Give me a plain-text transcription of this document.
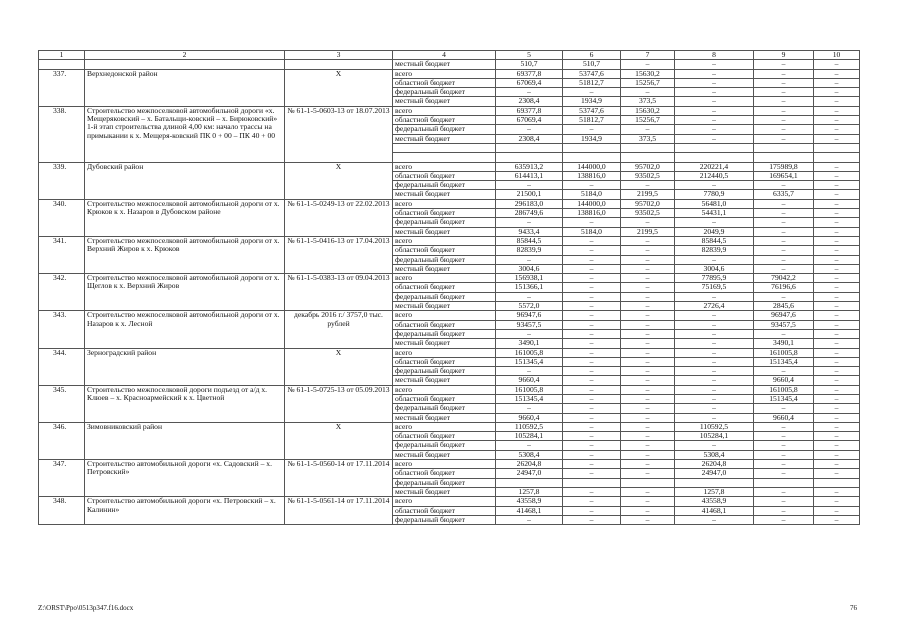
1	2	3	4	5	6	7	8	9	10
			местный бюджет	510,7	510,7	–	–	–	–
337.	Верхнедонской район	Х	всего	69377,8	53747,6	15630,2	–	–	–
			областной бюджет	67069,4	51812,7	15256,7	–	–	–
			федеральный бюджет	–	–	–	–	–	–
			местный бюджет	2308,4	1934,9	373,5	–	–	–
338.	Строительство межпоселковой автомобильной дороги «х. Мещеряковский – х. Батальщи-ковский – х. Бирюковский» 1-й этап строительства длиной 4,00 км: начало трассы на примыкании к х. Мещеря-ковский ПК 0 + 00 – ПК 40 + 00	№ 61-1-5-0603-13 от 18.07.2013	всего	69377,8	53747,6	15630,2	–	–	–
			областной бюджет	67069,4	51812,7	15256,7	–	–	–
			федеральный бюджет	–	–	–	–	–	–
			местный бюджет	2308,4	1934,9	373,5	–	–	–

339.	Дубовский район	Х	всего	635913,2	144000,0	95702,0	220221,4	175989,8	–
			областной бюджет	614413,1	138816,0	93502,5	212440,5	169654,1	–
			федеральный бюджет	–	–	–	–	–	–
			местный бюджет	21500,1	5184,0	2199,5	7780,9	6335,7	–
340.	Строительство межпоселковой автомобильной дороги от х. Крюков к х. Назаров в Дубовском районе	№ 61-1-5-0249-13 от 22.02.2013	всего	296183,0	144000,0	95702,0	56481,0	–	–
			областной бюджет	286749,6	138816,0	93502,5	54431,1	–	–
			федеральный бюджет	–	–	–	–	–	–
			местный бюджет	9433,4	5184,0	2199,5	2049,9	–	–
341.	Строительство межпоселковой автомобильной дороги от х. Верхний Жиров к х. Крюков	№ 61-1-5-0416-13 от 17.04.2013	всего	85844,5	–	–	85844,5	–	–
			областной бюджет	82839,9	–	–	82839,9	–	–
			федеральный бюджет	–	–	–	–	–	–
			местный бюджет	3004,6	–	–	3004,6	–	–
342.	Строительство межпоселковой автомобильной дороги от х. Щеглов к х. Верхний Жиров	№ 61-1-5-0383-13 от 09.04.2013	всего	156938,1	–	–	77895,9	79042,2	–
			областной бюджет	151366,1	–	–	75169,5	76196,6	–
			федеральный бюджет	–	–	–	–	–	–
			местный бюджет	5572,0	–	–	2726,4	2845,6	–
343.	Строительство межпоселковой автомобильной дороги от х. Назаров к х. Лесной	декабрь 2016 г./ 3757,0 тыс. рублей	всего	96947,6	–	–	–	96947,6	–
			областной бюджет	93457,5	–	–	–	93457,5	–
			федеральный бюджет	–	–	–	–	–	–
			местный бюджет	3490,1	–	–	–	3490,1	–
344.	Зерноградский район	Х	всего	161005,8	–	–	–	161005,8	–
			областной бюджет	151345,4	–	–	–	151345,4	–
			федеральный бюджет	–	–	–	–	–	–
			местный бюджет	9660,4	–	–	–	9660,4	–
345.	Строительство межпоселковой дороги подъезд от а/д х. Клюев – х. Красноармейский к х. Цветной	№ 61-1-5-0725-13 от 05.09.2013	всего	161005,8	–	–	–	161005,8	–
			областной бюджет	151345,4	–	–	–	151345,4	–
			федеральный бюджет	–	–	–	–	–	–
			местный бюджет	9660,4	–	–	–	9660,4	–
346.	Зимовниковский район	Х	всего	110592,5	–	–	110592,5	–	–
			областной бюджет	105284,1	–	–	105284,1	–	–
			федеральный бюджет	–	–	–	–	–	–
			местный бюджет	5308,4	–	–	5308,4	–	–
347.	Строительство автомобильной дороги «х. Садовский – х. Петровский»	№ 61-1-5-0560-14 от 17.11.2014	всего	26204,8	–	–	26204,8	–	–
			областной бюджет	24947,0	–	–	24947,0	–	–
			федеральный бюджет						
			местный бюджет	1257,8	–	–	1257,8	–	–
348.	Строительство автомобильной дороги «х. Петровский – х. Калинин»	№ 61-1-5-0561-14 от 17.11.2014	всего	43558,9	–	–	43558,9	–	–
			областной бюджет	41468,1	–	–	41468,1	–	–
			федеральный бюджет	–	–	–	–	–	–
Z:\ORST\Ppo\0513p347.f16.docx	76
